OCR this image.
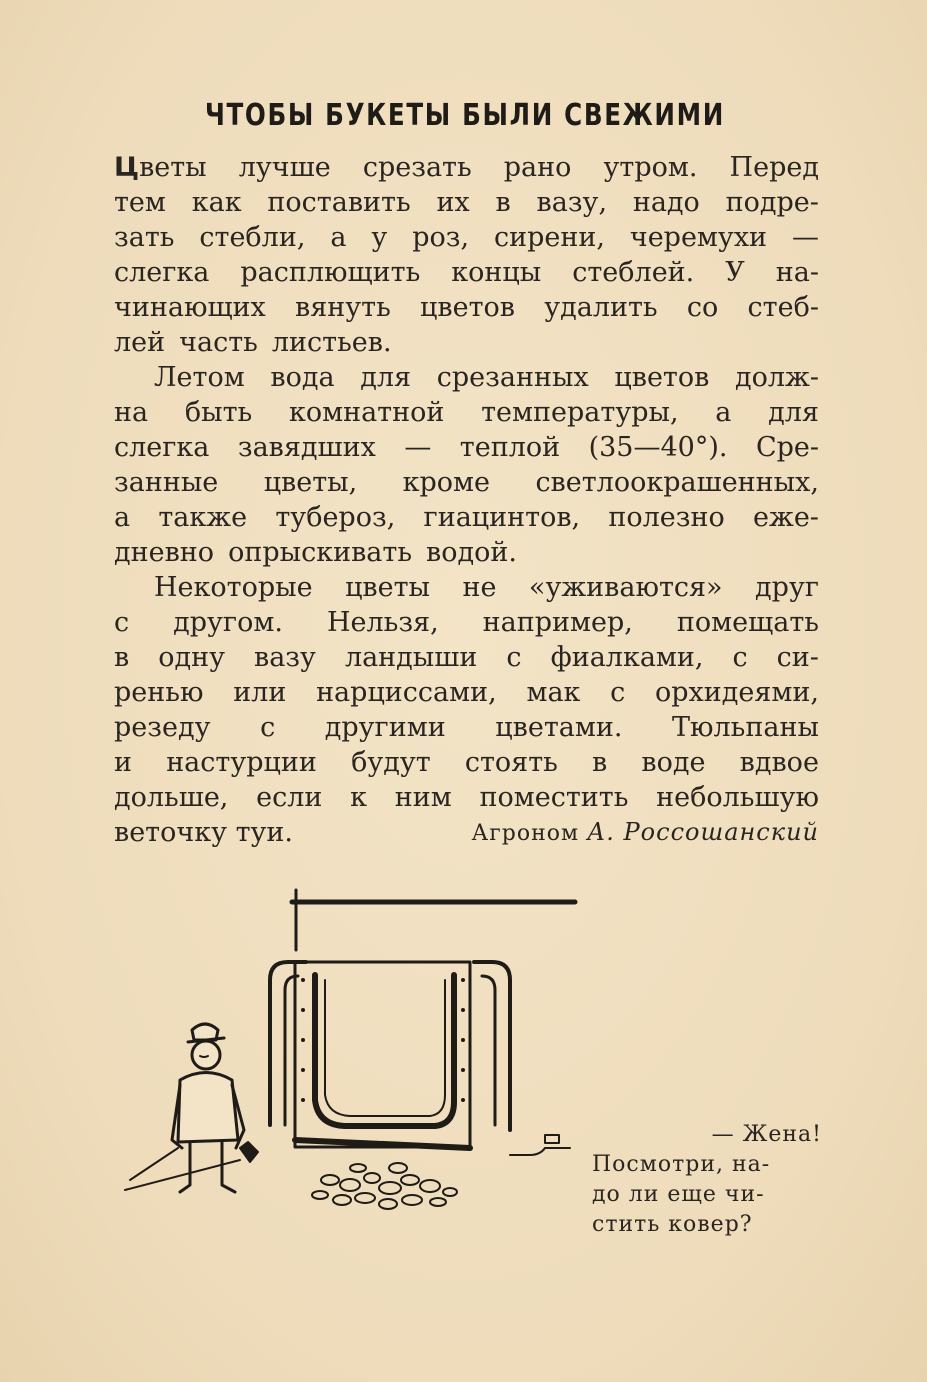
ЧТОБЫ БУКЕТЫ БЫЛИ СВЕЖИМИ
Цветы лучше срезать рано утром. Перед
тем как поставить их в вазу, надо подре-
зать стебли, а у роз, сирени, черемухи —
слегка расплющить концы стеблей. У на-
чинающих вянуть цветов удалить со стеб-
лей часть листьев.
Летом вода для срезанных цветов долж-
на быть комнатной температуры, а для
слегка завядших — теплой (35—40°). Сре-
занные цветы, кроме светлоокрашенных,
а также тубероз, гиацинтов, полезно еже-
дневно опрыскивать водой.
Некоторые цветы не «уживаются» друг
с другом. Нельзя, например, помещать
в одну вазу ландыши с фиалками, с си-
ренью или нарциссами, мак с орхидеями,
резеду с другими цветами. Тюльпаны
и настурции будут стоять в воде вдвое
дольше, если к ним поместить небольшую
веточку туи.	Агроном А. Россошанский
— Жена!
Посмотри, на-
до ли еще чи-
стить ковер?
